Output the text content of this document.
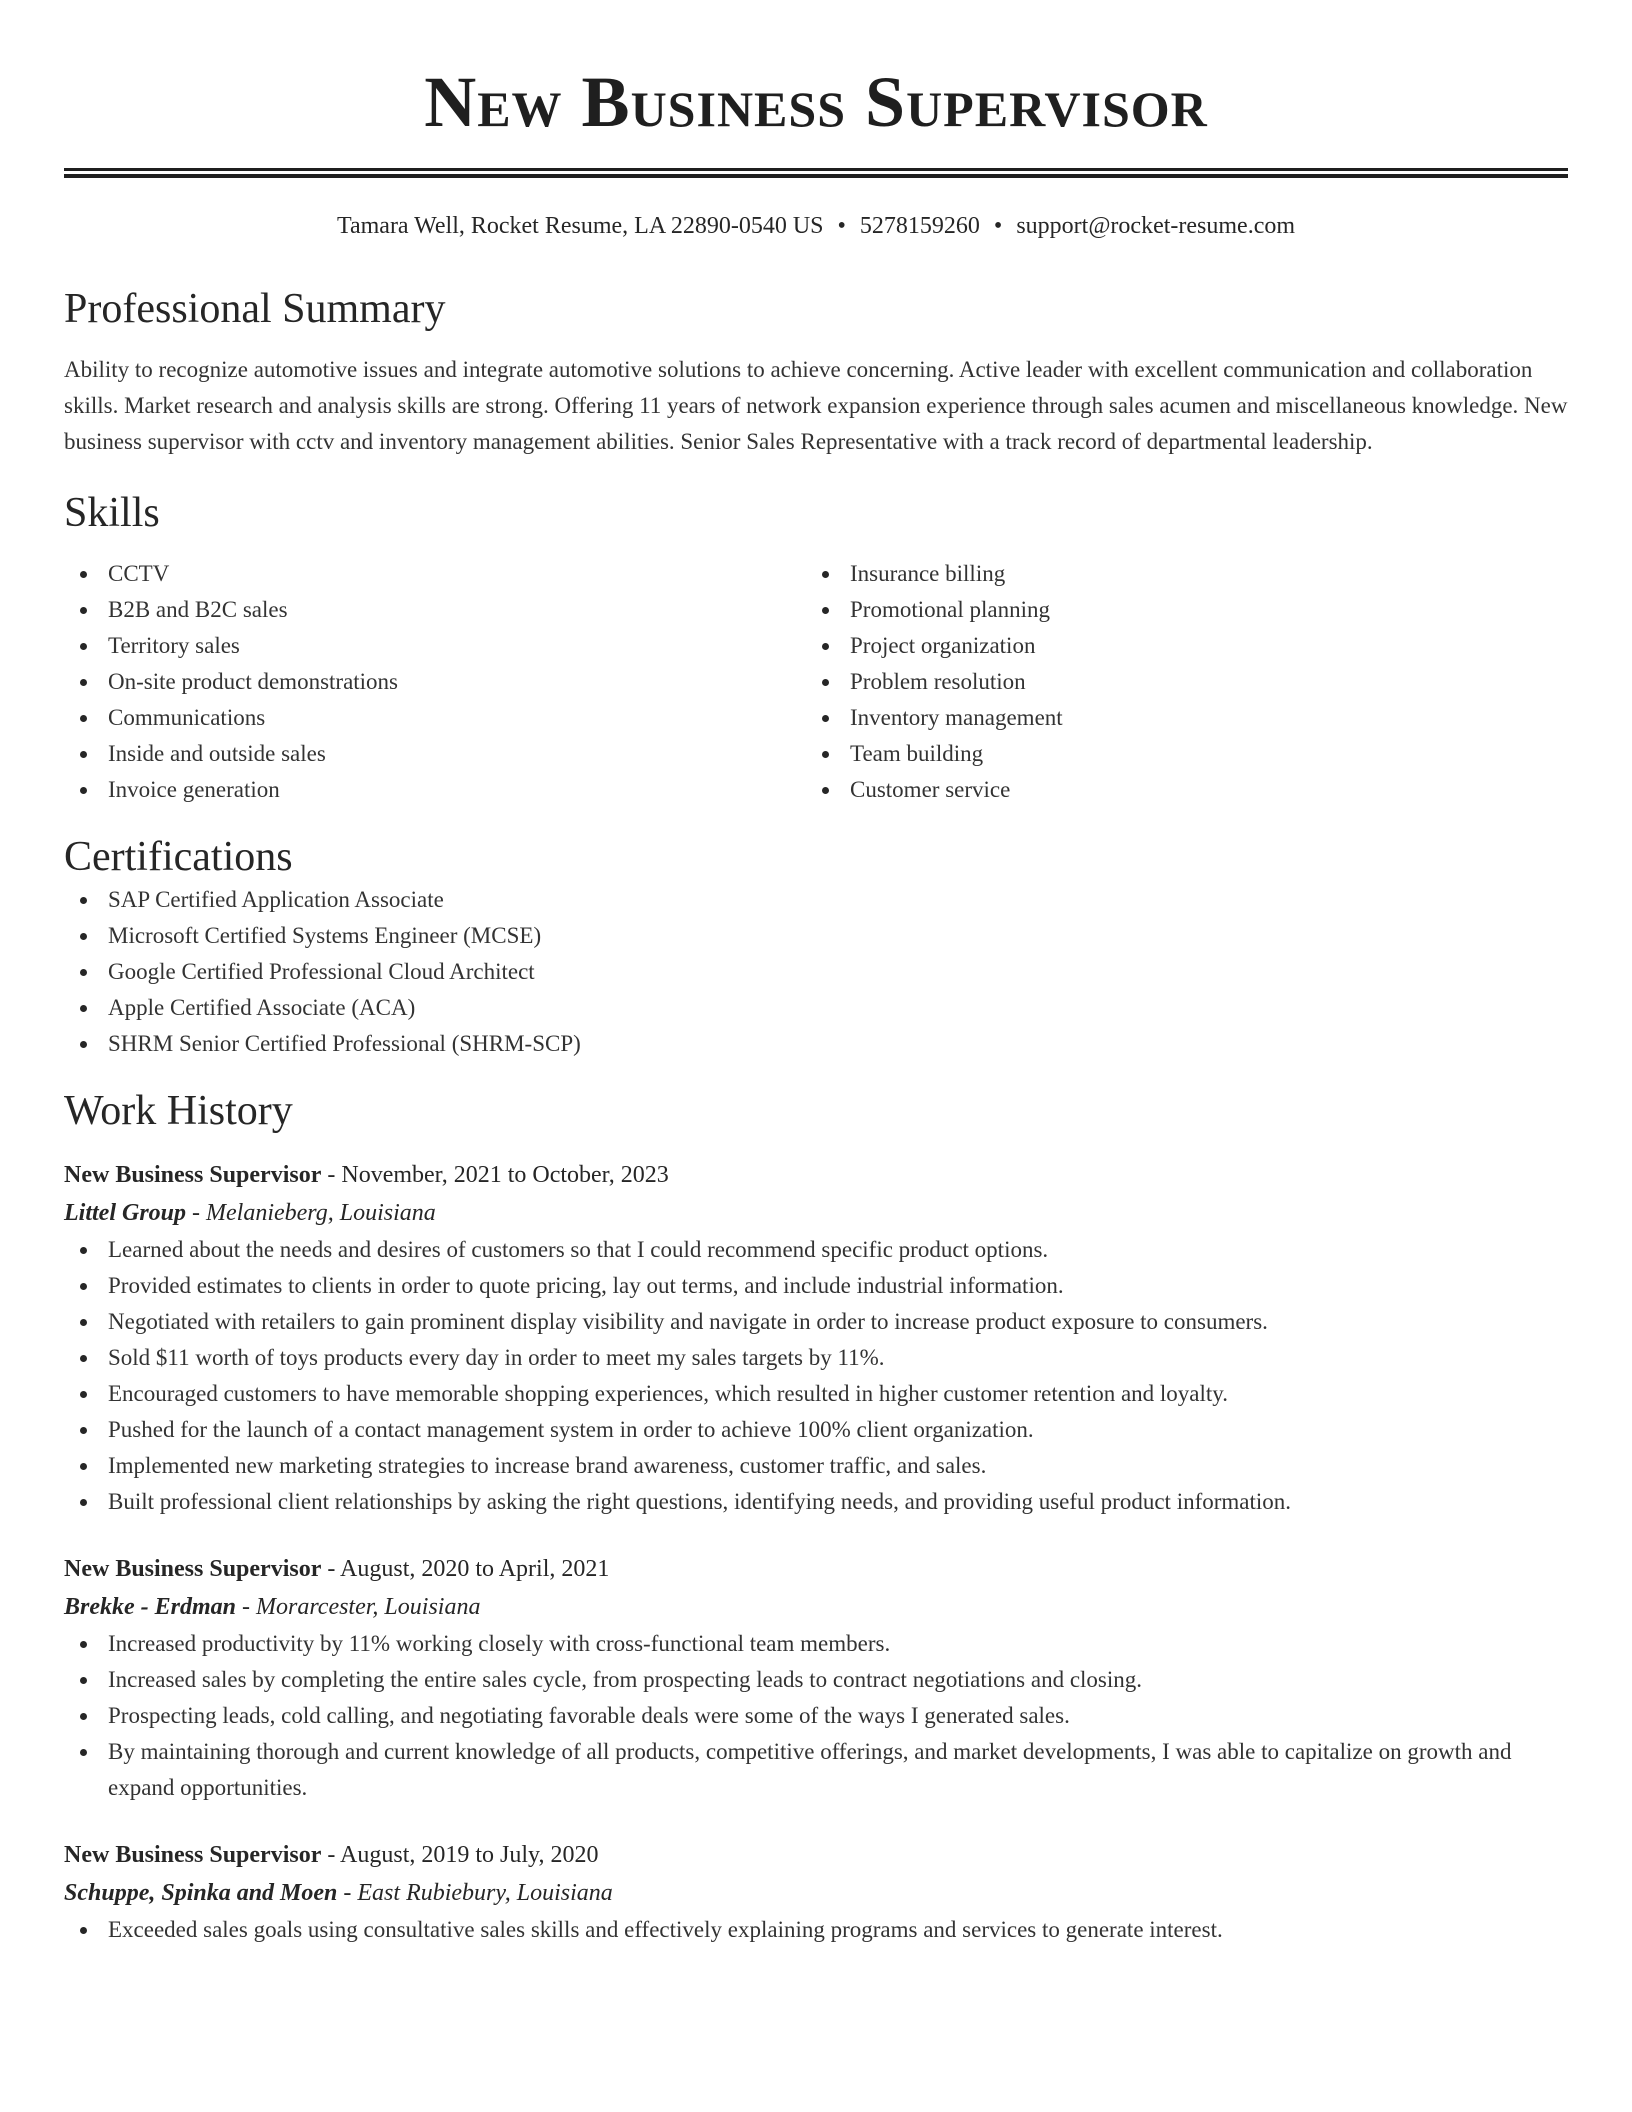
New Business Supervisor
Tamara Well, Rocket Resume, LA 22890-0540 US • 5278159260 • support@rocket-resume.com
Professional Summary
Ability to recognize automotive issues and integrate automotive solutions to achieve concerning. Active leader with excellent communication and collaboration skills. Market research and analysis skills are strong. Offering 11 years of network expansion experience through sales acumen and miscellaneous knowledge. New business supervisor with cctv and inventory management abilities. Senior Sales Representative with a track record of departmental leadership.
Skills
CCTV
B2B and B2C sales
Territory sales
On-site product demonstrations
Communications
Inside and outside sales
Invoice generation
Insurance billing
Promotional planning
Project organization
Problem resolution
Inventory management
Team building
Customer service
Certifications
SAP Certified Application Associate
Microsoft Certified Systems Engineer (MCSE)
Google Certified Professional Cloud Architect
Apple Certified Associate (ACA)
SHRM Senior Certified Professional (SHRM-SCP)
Work History
New Business Supervisor - November, 2021 to October, 2023
Littel Group - Melanieberg, Louisiana
Learned about the needs and desires of customers so that I could recommend specific product options.
Provided estimates to clients in order to quote pricing, lay out terms, and include industrial information.
Negotiated with retailers to gain prominent display visibility and navigate in order to increase product exposure to consumers.
Sold $11 worth of toys products every day in order to meet my sales targets by 11%.
Encouraged customers to have memorable shopping experiences, which resulted in higher customer retention and loyalty.
Pushed for the launch of a contact management system in order to achieve 100% client organization.
Implemented new marketing strategies to increase brand awareness, customer traffic, and sales.
Built professional client relationships by asking the right questions, identifying needs, and providing useful product information.
New Business Supervisor - August, 2020 to April, 2021
Brekke - Erdman - Morarcester, Louisiana
Increased productivity by 11% working closely with cross-functional team members.
Increased sales by completing the entire sales cycle, from prospecting leads to contract negotiations and closing.
Prospecting leads, cold calling, and negotiating favorable deals were some of the ways I generated sales.
By maintaining thorough and current knowledge of all products, competitive offerings, and market developments, I was able to capitalize on growth and expand opportunities.
New Business Supervisor - August, 2019 to July, 2020
Schuppe, Spinka and Moen - East Rubiebury, Louisiana
Exceeded sales goals using consultative sales skills and effectively explaining programs and services to generate interest.
